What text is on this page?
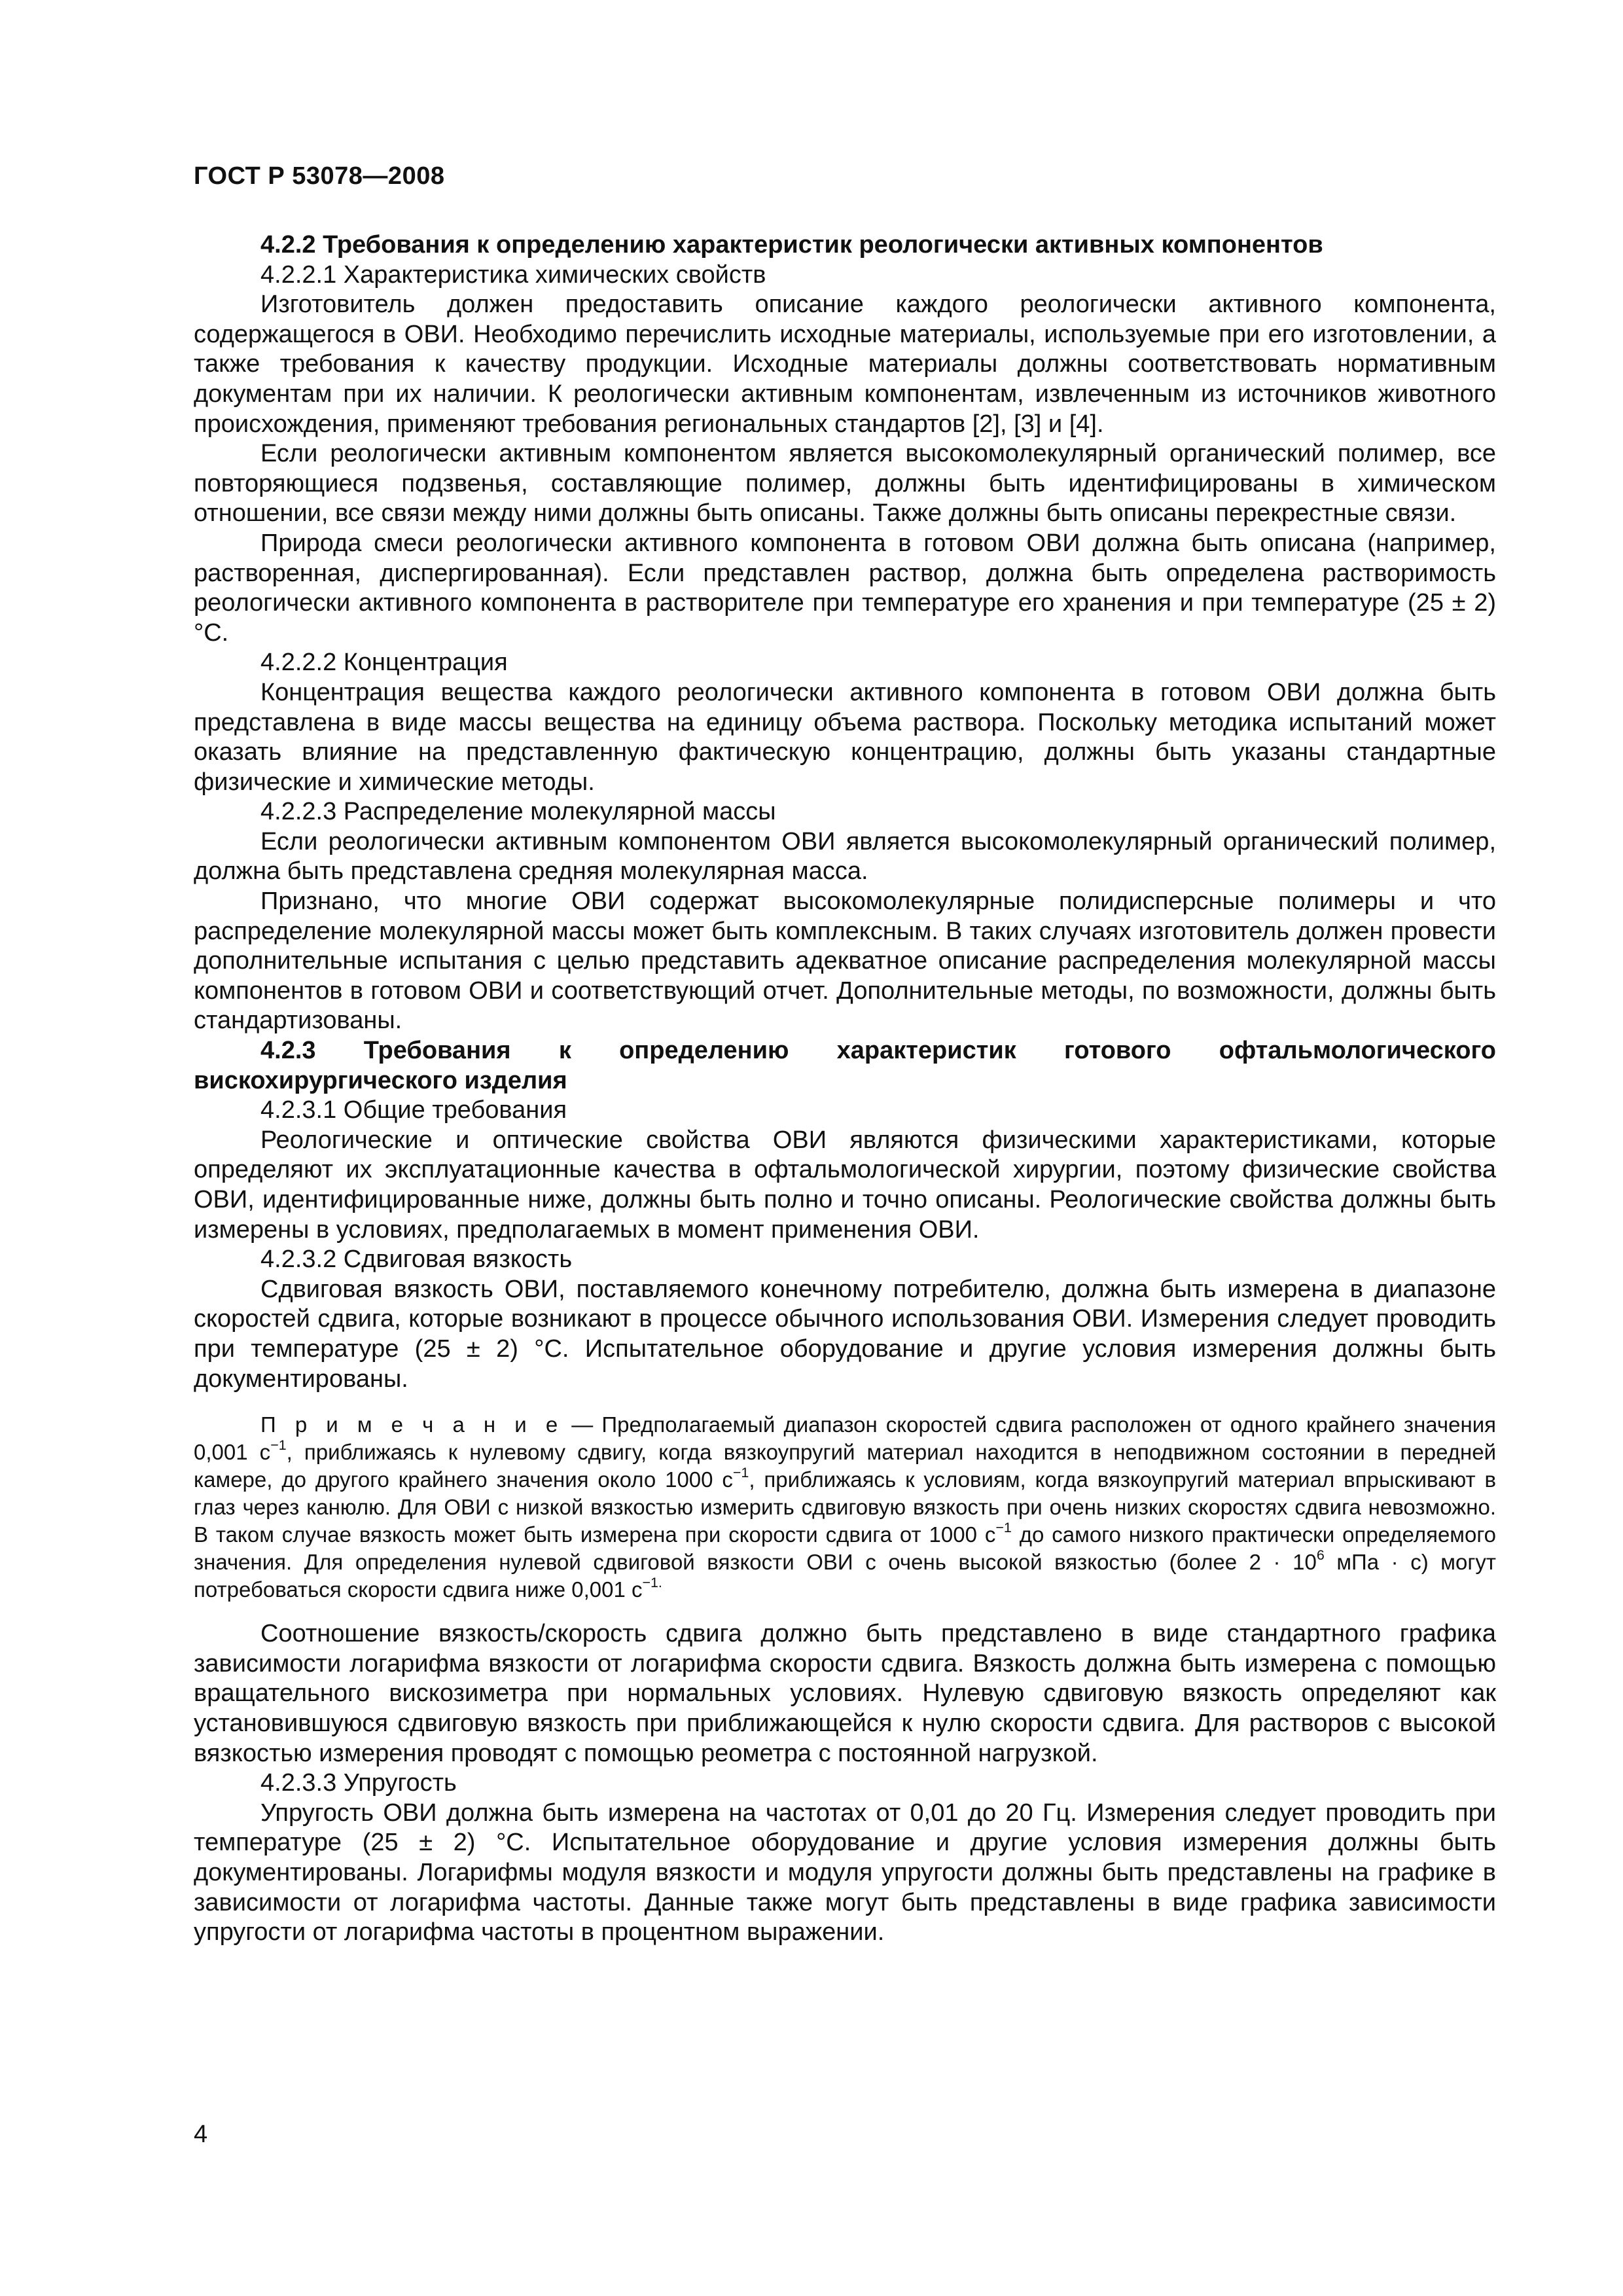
ГОСТ Р 53078—2008

4.2.2 Требования к определению характеристик реологически активных компонентов

4.2.2.1 Характеристика химических свойств

Изготовитель должен предоставить описание каждого реологически активного компонента, содержащегося в ОВИ. Необходимо перечислить исходные материалы, используемые при его изготовлении, а также требования к качеству продукции. Исходные материалы должны соответствовать нормативным документам при их наличии. К реологически активным компонентам, извлеченным из источников животного происхождения, применяют требования региональных стандартов [2], [3] и [4].

Если реологически активным компонентом является высокомолекулярный органический полимер, все повторяющиеся подзвенья, составляющие полимер, должны быть идентифицированы в химическом отношении, все связи между ними должны быть описаны. Также должны быть описаны перекрестные связи.

Природа смеси реологически активного компонента в готовом ОВИ должна быть описана (например, растворенная, диспергированная). Если представлен раствор, должна быть определена растворимость реологически активного компонента в растворителе при температуре его хранения и при температуре (25 ± 2) °С.

4.2.2.2 Концентрация

Концентрация вещества каждого реологически активного компонента в готовом ОВИ должна быть представлена в виде массы вещества на единицу объема раствора. Поскольку методика испытаний может оказать влияние на представленную фактическую концентрацию, должны быть указаны стандартные физические и химические методы.

4.2.2.3 Распределение молекулярной массы

Если реологически активным компонентом ОВИ является высокомолекулярный органический полимер, должна быть представлена средняя молекулярная масса.

Признано, что многие ОВИ содержат высокомолекулярные полидисперсные полимеры и что распределение молекулярной массы может быть комплексным. В таких случаях изготовитель должен провести дополнительные испытания с целью представить адекватное описание распределения молекулярной массы компонентов в готовом ОВИ и соответствующий отчет. Дополнительные методы, по возможности, должны быть стандартизованы.

4.2.3 Требования к определению характеристик готового офтальмологического вискохирургического изделия

4.2.3.1 Общие требования

Реологические и оптические свойства ОВИ являются физическими характеристиками, которые определяют их эксплуатационные качества в офтальмологической хирургии, поэтому физические свойства ОВИ, идентифицированные ниже, должны быть полно и точно описаны. Реологические свойства должны быть измерены в условиях, предполагаемых в момент применения ОВИ.

4.2.3.2 Сдвиговая вязкость

Сдвиговая вязкость ОВИ, поставляемого конечному потребителю, должна быть измерена в диапазоне скоростей сдвига, которые возникают в процессе обычного использования ОВИ. Измерения следует проводить при температуре (25 ± 2) °С. Испытательное оборудование и другие условия измерения должны быть документированы.

П р и м е ч а н и е — Предполагаемый диапазон скоростей сдвига расположен от одного крайнего значения 0,001 $с^{-1}$, приближаясь к нулевому сдвигу, когда вязкоупругий материал находится в неподвижном состоянии в передней камере, до другого крайнего значения около 1000 $с^{-1}$, приближаясь к условиям, когда вязкоупругий материал впрыскивают в глаз через канюлю. Для ОВИ с низкой вязкостью измерить сдвиговую вязкость при очень низких скоростях сдвига невозможно. В таком случае вязкость может быть измерена при скорости сдвига от 1000 $с^{-1}$ до самого низкого практически определяемого значения. Для определения нулевой сдвиговой вязкости ОВИ с очень высокой вязкостью (более $2 \cdot 10^6$ мПа · с) могут потребоваться скорости сдвига ниже 0,001 $с^{-1.}$

Соотношение вязкость/скорость сдвига должно быть представлено в виде стандартного графика зависимости логарифма вязкости от логарифма скорости сдвига. Вязкость должна быть измерена с помощью вращательного вискозиметра при нормальных условиях. Нулевую сдвиговую вязкость определяют как установившуюся сдвиговую вязкость при приближающейся к нулю скорости сдвига. Для растворов с высокой вязкостью измерения проводят с помощью реометра с постоянной нагрузкой.

4.2.3.3 Упругость

Упругость ОВИ должна быть измерена на частотах от 0,01 до 20 Гц. Измерения следует проводить при температуре (25 ± 2) °С. Испытательное оборудование и другие условия измерения должны быть документированы. Логарифмы модуля вязкости и модуля упругости должны быть представлены на графике в зависимости от логарифма частоты. Данные также могут быть представлены в виде графика зависимости упругости от логарифма частоты в процентном выражении.

4
